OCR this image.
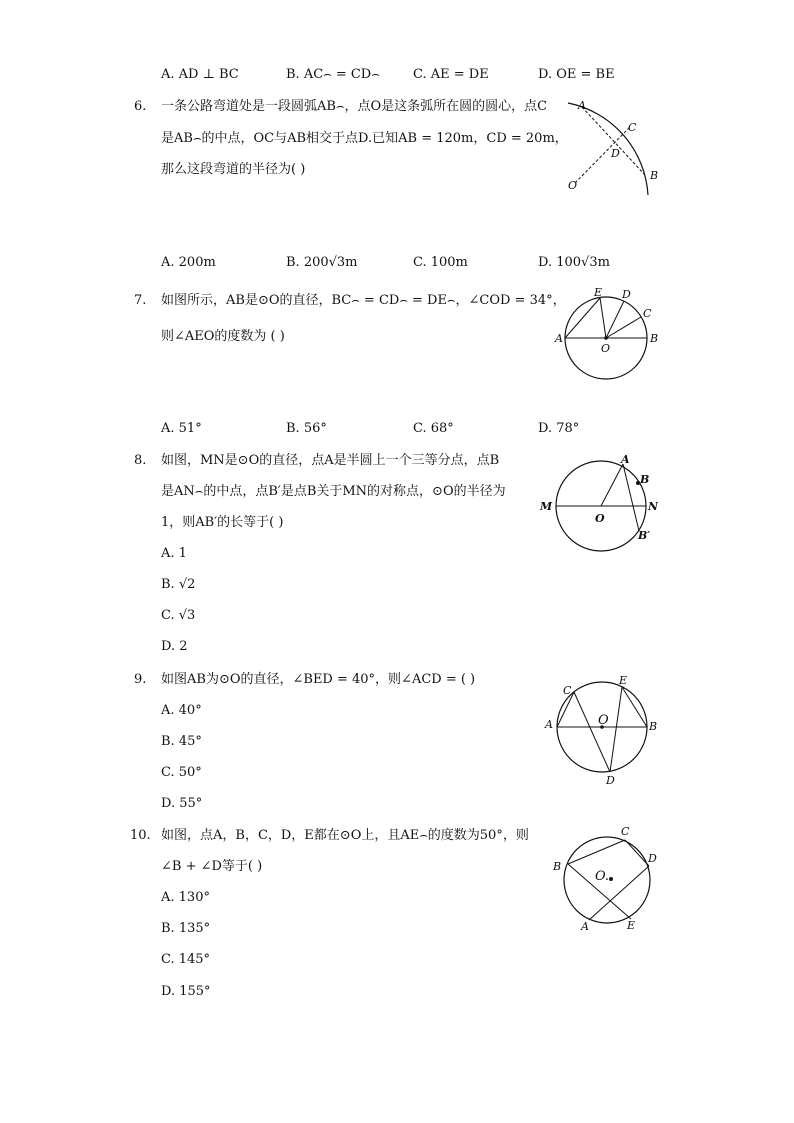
A. AD ⊥ BC	B. AC⌢ = CD⌢	C. AE = DE	D. OE = BE
6. 一条公路弯道处是一段圆弧AB⌢，点O是这条弧所在圆的圆心，点C
是AB⌢的中点，OC与AB相交于点D.已知AB = 120m，CD = 20m，
那么这段弯道的半径为( )
A
C
D
O
B
A. 200m	B. 200√3m	C. 100m	D. 100√3m
7. 如图所示，AB是⊙O的直径，BC⌢ = CD⌢ = DE⌢，∠COD = 34°，
则∠AEO的度数为 ( )
E D
C
A	B
O
A. 51°	B. 56°	C. 68°	D. 78°
8. 如图，MN是⊙O的直径，点A是半圆上一个三等分点，点B
是AN⌢的中点，点B′是点B关于MN的对称点，⊙O的半径为
1，则AB′的长等于( )
A. 1
B. √2
C. √3
D. 2
A
B
M	N
O
B′
9. 如图AB为⊙O的直径，∠BED = 40°，则∠ACD = ( )
A. 40°
B. 45°
C. 50°
D. 55°
C
E
A	B
O
D
10. 如图，点A，B，C，D，E都在⊙O上，且AE⌢的度数为50°，则
∠B + ∠D等于( )
A. 130°
B. 135°
C. 145°
D. 155°
C
D
B
O.
A	E
